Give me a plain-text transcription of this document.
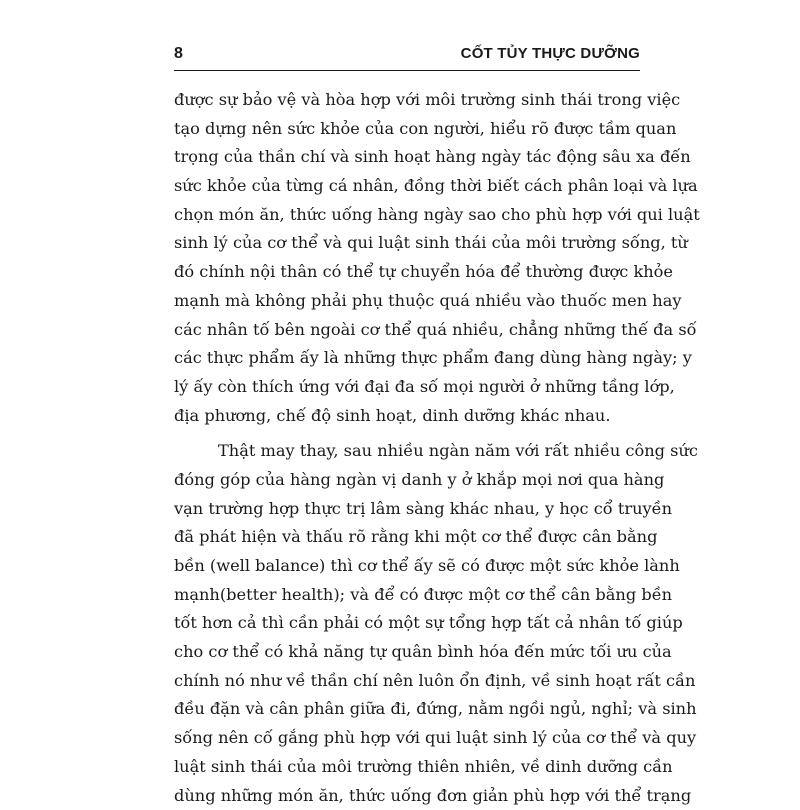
8	CỐT TỦY THỰC DƯỠNG
được sự bảo vệ và hòa hợp với môi trường sinh thái trong việc
tạo dựng nên sức khỏe của con người, hiểu rõ được tầm quan
trọng của thần chí và sinh hoạt hàng ngày tác động sâu xa đến
sức khỏe của từng cá nhân, đồng thời biết cách phân loại và lựa
chọn món ăn, thức uống hàng ngày sao cho phù hợp với qui luật
sinh lý của cơ thể và qui luật sinh thái của môi trường sống, từ
đó chính nội thân có thể tự chuyển hóa để thường được khỏe
mạnh mà không phải phụ thuộc quá nhiều vào thuốc men hay
các nhân tố bên ngoài cơ thể quá nhiều, chẳng những thế đa số
các thực phẩm ấy là những thực phẩm đang dùng hàng ngày; y
lý ấy còn thích ứng với đại đa số mọi người ở những tầng lớp,
địa phương, chế độ sinh hoạt, dinh dưỡng khác nhau.
Thật may thay, sau nhiều ngàn năm với rất nhiều công sức
đóng góp của hàng ngàn vị danh y ở khắp mọi nơi qua hàng
vạn trường hợp thực trị lâm sàng khác nhau, y học cổ truyền
đã phát hiện và thấu rõ rằng khi một cơ thể được cân bằng
bền (well balance) thì cơ thể ấy sẽ có được một sức khỏe lành
mạnh(better health); và để có được một cơ thể cân bằng bền
tốt hơn cả thì cần phải có một sự tổng hợp tất cả nhân tố giúp
cho cơ thể có khả năng tự quân bình hóa đến mức tối ưu của
chính nó như về thần chí nên luôn ổn định, về sinh hoạt rất cần
đều đặn và cân phân giữa đi, đứng, nằm ngồi ngủ, nghỉ; và sinh
sống nên cố gắng phù hợp với qui luật sinh lý của cơ thể và quy
luật sinh thái của môi trường thiên nhiên, về dinh dưỡng cần
dùng những món ăn, thức uống đơn giản phù hợp với thể trạng
